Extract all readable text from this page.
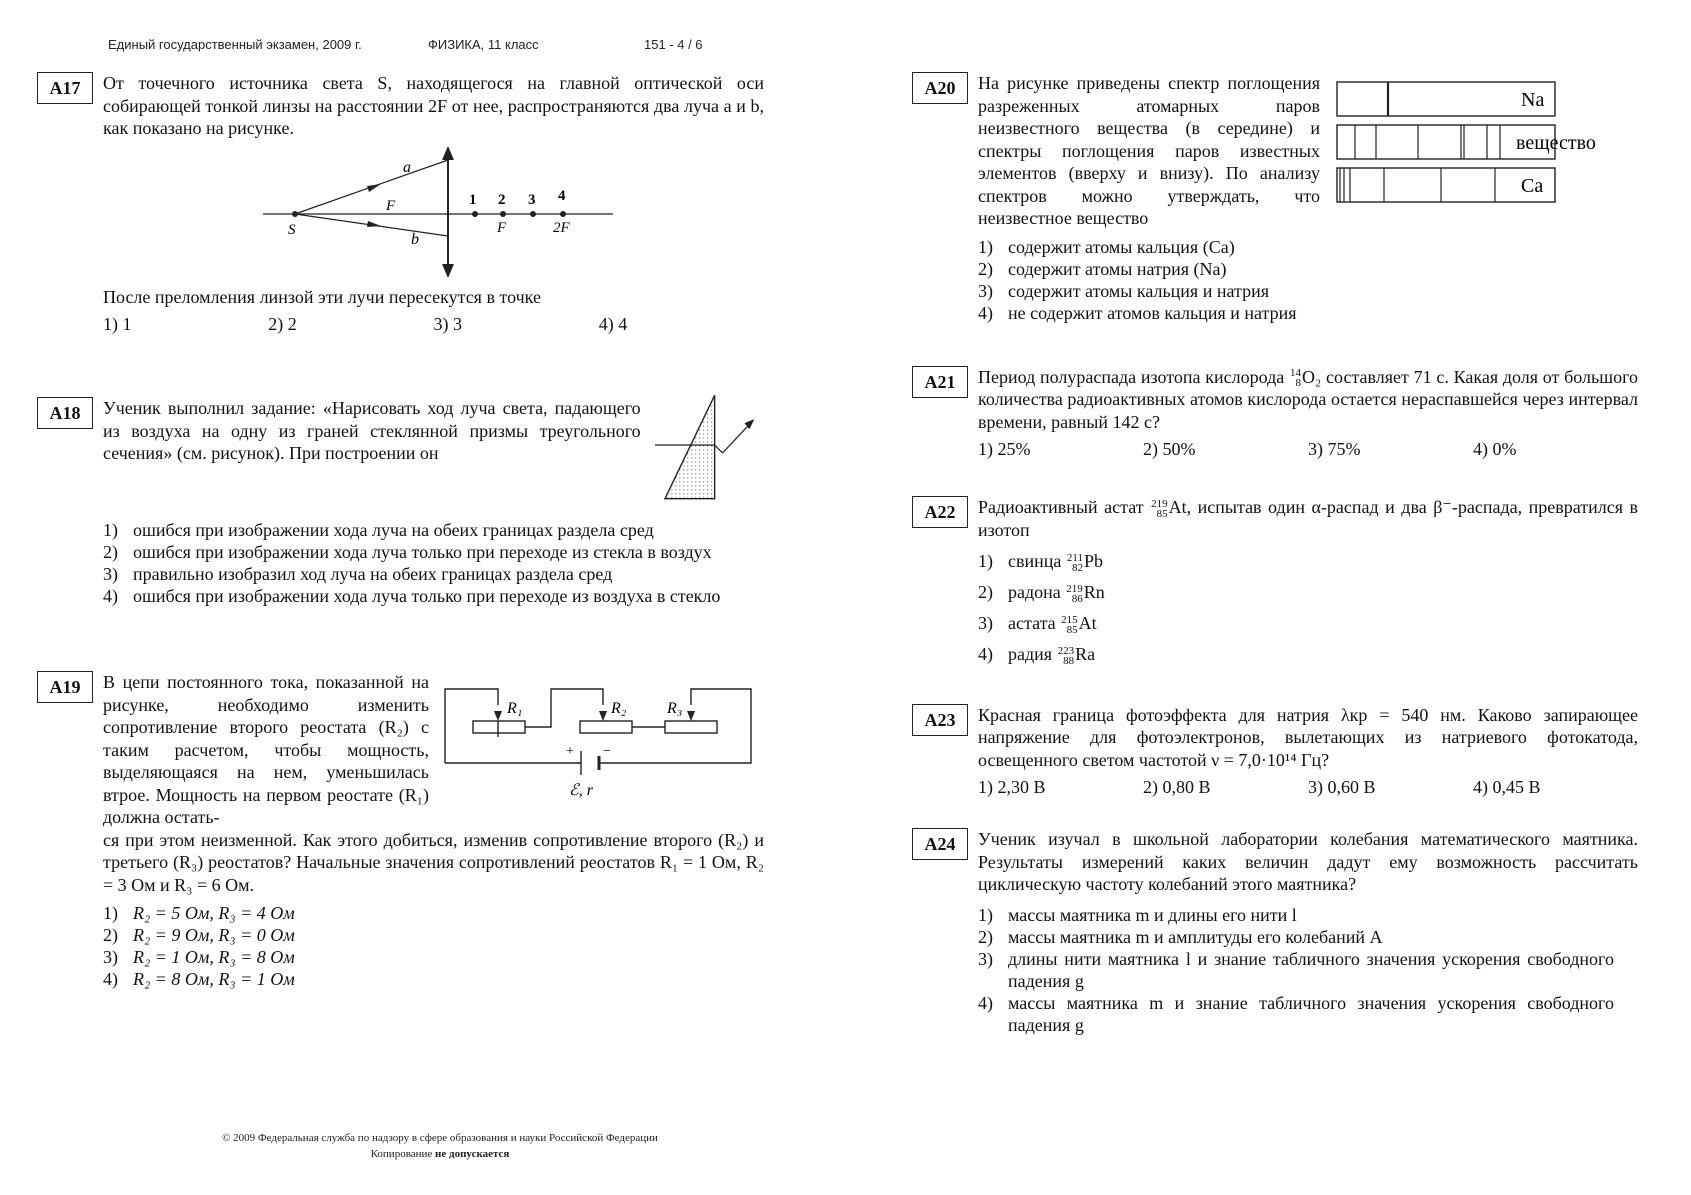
Единый государственный экзамен, 2009 г.	ФИЗИКА, 11 класс	151 - 4 / 6
А17	От точечного источника света S, находящегося на главной оптической оси собирающей тонкой линзы на расстоянии 2F от нее, распространяются два луча a и b, как показано на рисунке.

a
b
S
F	1 2 3 4
F	2F

После преломления линзой эти лучи пересекутся в точке

1) 1	2) 2	3) 3	4) 4
А18	Ученик выполнил задание: «Нарисовать ход луча света, падающего из воздуха на одну из граней стеклянной призмы треугольного сечения» (см. рисунок). При построении он

1) ошибся при изображении хода луча на обеих границах раздела сред
2) ошибся при изображении хода луча только при переходе из стекла в воздух
3) правильно изобразил ход луча на обеих границах раздела сред
4) ошибся при изображении хода луча только при переходе из воздуха в стекло
А19	В цепи постоянного тока, показанной на рисунке, необходимо изменить сопротивление второго реостата (R₂) с таким расчетом, чтобы мощность, выделяющаяся на нем, уменьшилась втрое. Мощность на первом реостате (R₁) должна остать-

R₁	R₂	R₃
+ −
ℰ, r

ся при этом неизменной. Как этого добиться, изменив сопротивление второго (R₂) и третьего (R₃) реостатов? Начальные значения сопротивлений реостатов R₁ = 1 Ом, R₂ = 3 Ом и R₃ = 6 Ом.

1) R₂ = 5 Ом, R₃ = 4 Ом
2) R₂ = 9 Ом, R₃ = 0 Ом
3) R₂ = 1 Ом, R₃ = 8 Ом
4) R₂ = 8 Ом, R₃ = 1 Ом
А20	На рисунке приведены спектр поглощения разреженных атомарных паров неизвестного вещества (в середине) и спектры поглощения паров известных элементов (вверху и внизу). По анализу спектров можно утверждать, что неизвестное вещество

Na
вещество
Ca
1) содержит атомы кальция (Ca)
2) содержит атомы натрия (Na)
3) содержит атомы кальция и натрия
4) не содержит атомов кальция и натрия
А21	Период полураспада изотопа кислорода 14
8 O₂ составляет 71 с. Какая доля от большого количества радиоактивных атомов кислорода остается нераспавшейся через интервал времени, равный 142 с?

1) 25%	2) 50%	3) 75%	4) 0%
А22	Радиоактивный астат 219
85 At, испытав один α-распад и два β⁻-распада, превратился в изотоп

1) свинца 211
82 Pb
2) радона 219
86 Rn
3) астата 215
85 At
4) радия 223
88 Ra
А23	Красная граница фотоэффекта для натрия λкр = 540 нм. Каково запирающее напряжение для фотоэлектронов, вылетающих из натриевого фотокатода, освещенного светом частотой ν = 7,0·10¹⁴ Гц?

1) 2,30 В	2) 0,80 В	3) 0,60 В	4) 0,45 В
А24	Ученик изучал в школьной лаборатории колебания математического маятника. Результаты измерений каких величин дадут ему возможность рассчитать циклическую частоту колебаний этого маятника?

1) массы маятника m и длины его нити l
2) массы маятника m и амплитуды его колебаний A
3) длины нити маятника l и знание табличного значения ускорения свободного падения g
4) массы маятника m и знание табличного значения ускорения свободного падения g
© 2009 Федеральная служба по надзору в сфере образования и науки Российской Федерации
Копирование не допускается
